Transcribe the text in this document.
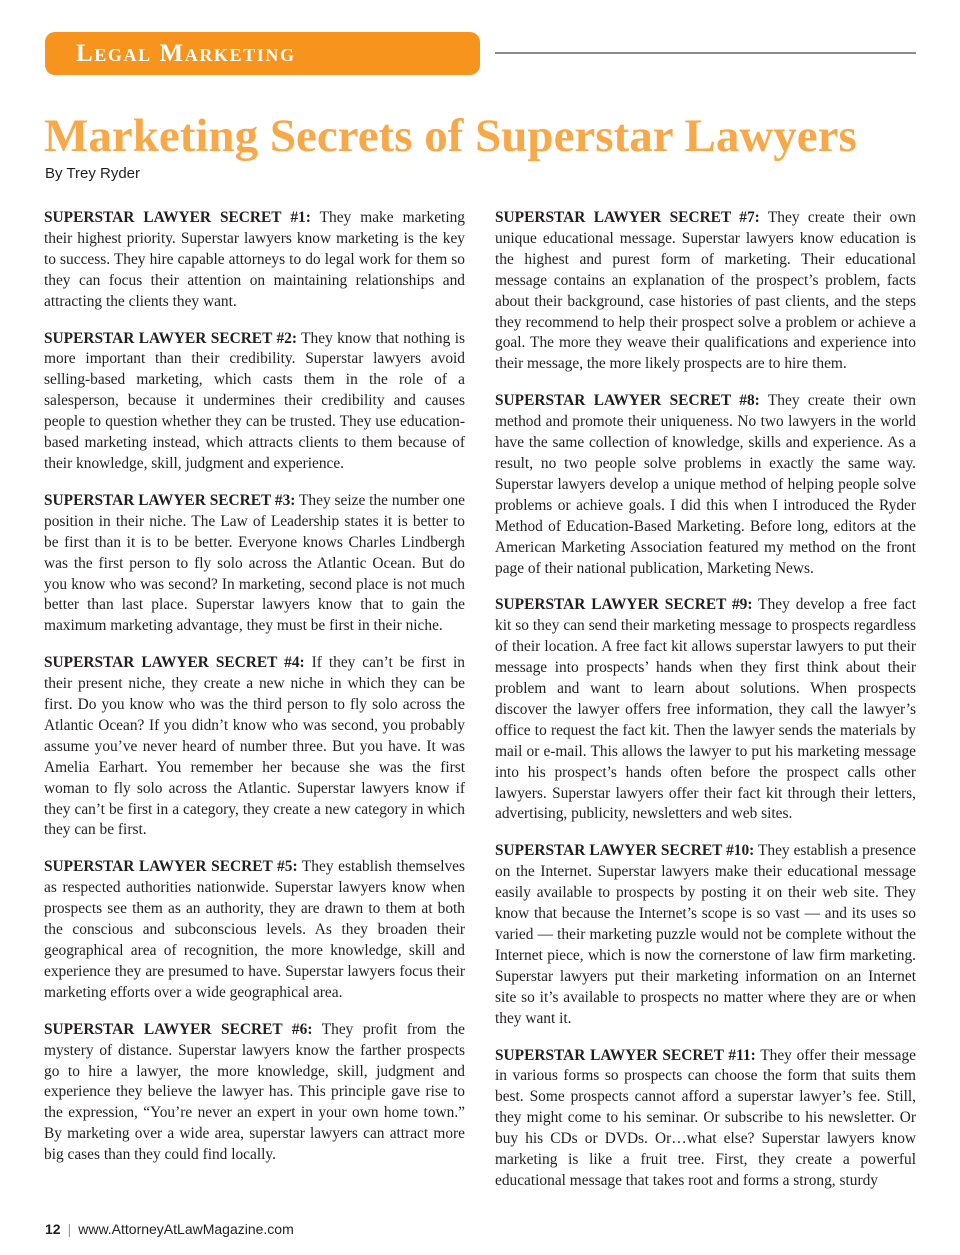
Legal Marketing
Marketing Secrets of Superstar Lawyers

By Trey Ryder

SUPERSTAR LAWYER SECRET #1: They make marketing their highest priority. Superstar lawyers know marketing is the key to success. They hire capable attorneys to do legal work for them so they can focus their attention on maintaining relationships and attracting the clients they want.

SUPERSTAR LAWYER SECRET #2: They know that nothing is more important than their credibility. Superstar lawyers avoid selling-based marketing, which casts them in the role of a salesperson, because it undermines their credibility and causes people to question whether they can be trusted. They use education-based marketing instead, which attracts clients to them because of their knowledge, skill, judgment and experience.

SUPERSTAR LAWYER SECRET #3: They seize the number one position in their niche. The Law of Leadership states it is better to be first than it is to be better. Everyone knows Charles Lindbergh was the first person to fly solo across the Atlantic Ocean. But do you know who was second? In marketing, second place is not much better than last place. Superstar lawyers know that to gain the maximum marketing advantage, they must be first in their niche.

SUPERSTAR LAWYER SECRET #4: If they can’t be first in their present niche, they create a new niche in which they can be first. Do you know who was the third person to fly solo across the Atlantic Ocean? If you didn’t know who was second, you probably assume you’ve never heard of number three. But you have. It was Amelia Earhart. You remember her because she was the first woman to fly solo across the Atlantic. Superstar lawyers know if they can’t be first in a category, they create a new category in which they can be first.

SUPERSTAR LAWYER SECRET #5: They establish themselves as respected authorities nationwide. Superstar lawyers know when prospects see them as an authority, they are drawn to them at both the conscious and subconscious levels. As they broaden their geographical area of recognition, the more knowledge, skill and experience they are presumed to have. Superstar lawyers focus their marketing efforts over a wide geographical area.

SUPERSTAR LAWYER SECRET #6: They profit from the mystery of distance. Superstar lawyers know the farther prospects go to hire a lawyer, the more knowledge, skill, judgment and experience they believe the lawyer has. This principle gave rise to the expression, “You’re never an expert in your own home town.” By marketing over a wide area, superstar lawyers can attract more big cases than they could find locally.

SUPERSTAR LAWYER SECRET #7: They create their own unique educational message. Superstar lawyers know education is the highest and purest form of marketing. Their educational message contains an explanation of the prospect’s problem, facts about their background, case histories of past clients, and the steps they recommend to help their prospect solve a problem or achieve a goal. The more they weave their qualifications and experience into their message, the more likely prospects are to hire them.

SUPERSTAR LAWYER SECRET #8: They create their own method and promote their uniqueness. No two lawyers in the world have the same collection of knowledge, skills and experience. As a result, no two people solve problems in exactly the same way. Superstar lawyers develop a unique method of helping people solve problems or achieve goals. I did this when I introduced the Ryder Method of Education-Based Marketing. Before long, editors at the American Marketing Association featured my method on the front page of their national publication, Marketing News.

SUPERSTAR LAWYER SECRET #9: They develop a free fact kit so they can send their marketing message to prospects regardless of their location. A free fact kit allows superstar lawyers to put their message into prospects’ hands when they first think about their problem and want to learn about solutions. When prospects discover the lawyer offers free information, they call the lawyer’s office to request the fact kit. Then the lawyer sends the materials by mail or e-mail. This allows the lawyer to put his marketing message into his prospect’s hands often before the prospect calls other lawyers. Superstar lawyers offer their fact kit through their letters, advertising, publicity, newsletters and web sites.

SUPERSTAR LAWYER SECRET #10: They establish a presence on the Internet. Superstar lawyers make their educational message easily available to prospects by posting it on their web site. They know that because the Internet’s scope is so vast — and its uses so varied — their marketing puzzle would not be complete without the Internet piece, which is now the cornerstone of law firm marketing. Superstar lawyers put their marketing information on an Internet site so it’s available to prospects no matter where they are or when they want it.

SUPERSTAR LAWYER SECRET #11: They offer their message in various forms so prospects can choose the form that suits them best. Some prospects cannot afford a superstar lawyer’s fee. Still, they might come to his seminar. Or subscribe to his newsletter. Or buy his CDs or DVDs. Or…what else? Superstar lawyers know marketing is like a fruit tree. First, they create a powerful educational message that takes root and forms a strong, sturdy

12 | www.AttorneyAtLawMagazine.com
